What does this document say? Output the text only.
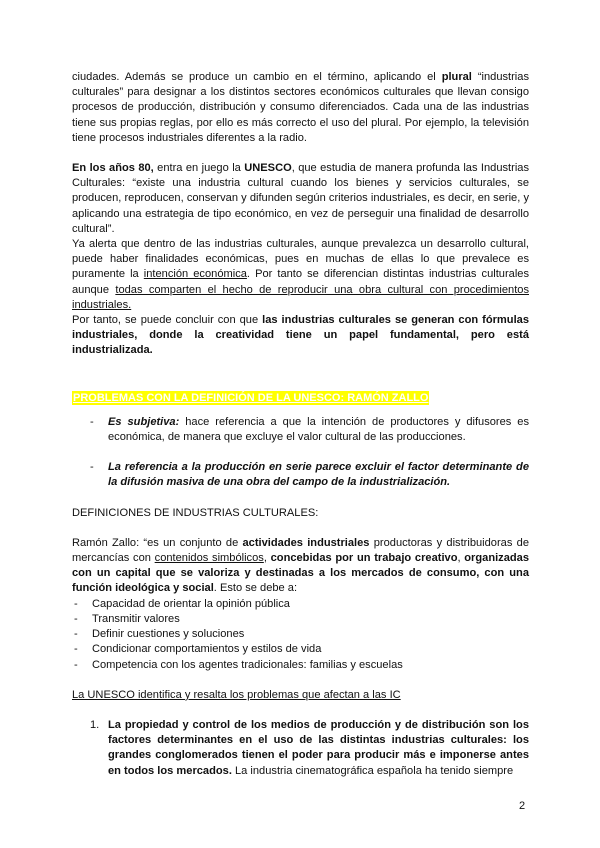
ciudades. Además se produce un cambio en el término, aplicando el plural “industrias culturales” para designar a los distintos sectores económicos culturales que llevan consigo procesos de producción, distribución y consumo diferenciados. Cada una de las industrias tiene sus propias reglas, por ello es más correcto el uso del plural. Por ejemplo, la televisión tiene procesos industriales diferentes a la radio.

En los años 80, entra en juego la UNESCO, que estudia de manera profunda las Industrias Culturales: “existe una industria cultural cuando los bienes y servicios culturales, se producen, reproducen, conservan y difunden según criterios industriales, es decir, en serie, y aplicando una estrategia de tipo económico, en vez de perseguir una finalidad de desarrollo cultural”.

Ya alerta que dentro de las industrias culturales, aunque prevalezca un desarrollo cultural, puede haber finalidades económicas, pues en muchas de ellas lo que prevalece es puramente la intención económica. Por tanto se diferencian distintas industrias culturales aunque todas comparten el hecho de reproducir una obra cultural con procedimientos industriales.

Por tanto, se puede concluir con que las industrias culturales se generan con fórmulas industriales, donde la creatividad tiene un papel fundamental, pero está industrializada.

PROBLEMAS CON LA DEFINICIÓN DE LA UNESCO: RAMÓN ZALLO
- Es subjetiva: hace referencia a que la intención de productores y difusores es económica, de manera que excluye el valor cultural de las producciones.
- La referencia a la producción en serie parece excluir el factor determinante de la difusión masiva de una obra del campo de la industrialización.

DEFINICIONES DE INDUSTRIAS CULTURALES:

Ramón Zallo: “es un conjunto de actividades industriales productoras y distribuidoras de mercancías con contenidos simbólicos, concebidas por un trabajo creativo, organizadas con un capital que se valoriza y destinadas a los mercados de consumo, con una función ideológica y social. Esto se debe a:

- Capacidad de orientar la opinión pública
- Transmitir valores
- Definir cuestiones y soluciones
- Condicionar comportamientos y estilos de vida
- Competencia con los agentes tradicionales: familias y escuelas

La UNESCO identifica y resalta los problemas que afectan a las IC

1. La propiedad y control de los medios de producción y de distribución son los factores determinantes en el uso de las distintas industrias culturales: los grandes conglomerados tienen el poder para producir más e imponerse antes en todos los mercados. La industria cinematográfica española ha tenido siempre
2
